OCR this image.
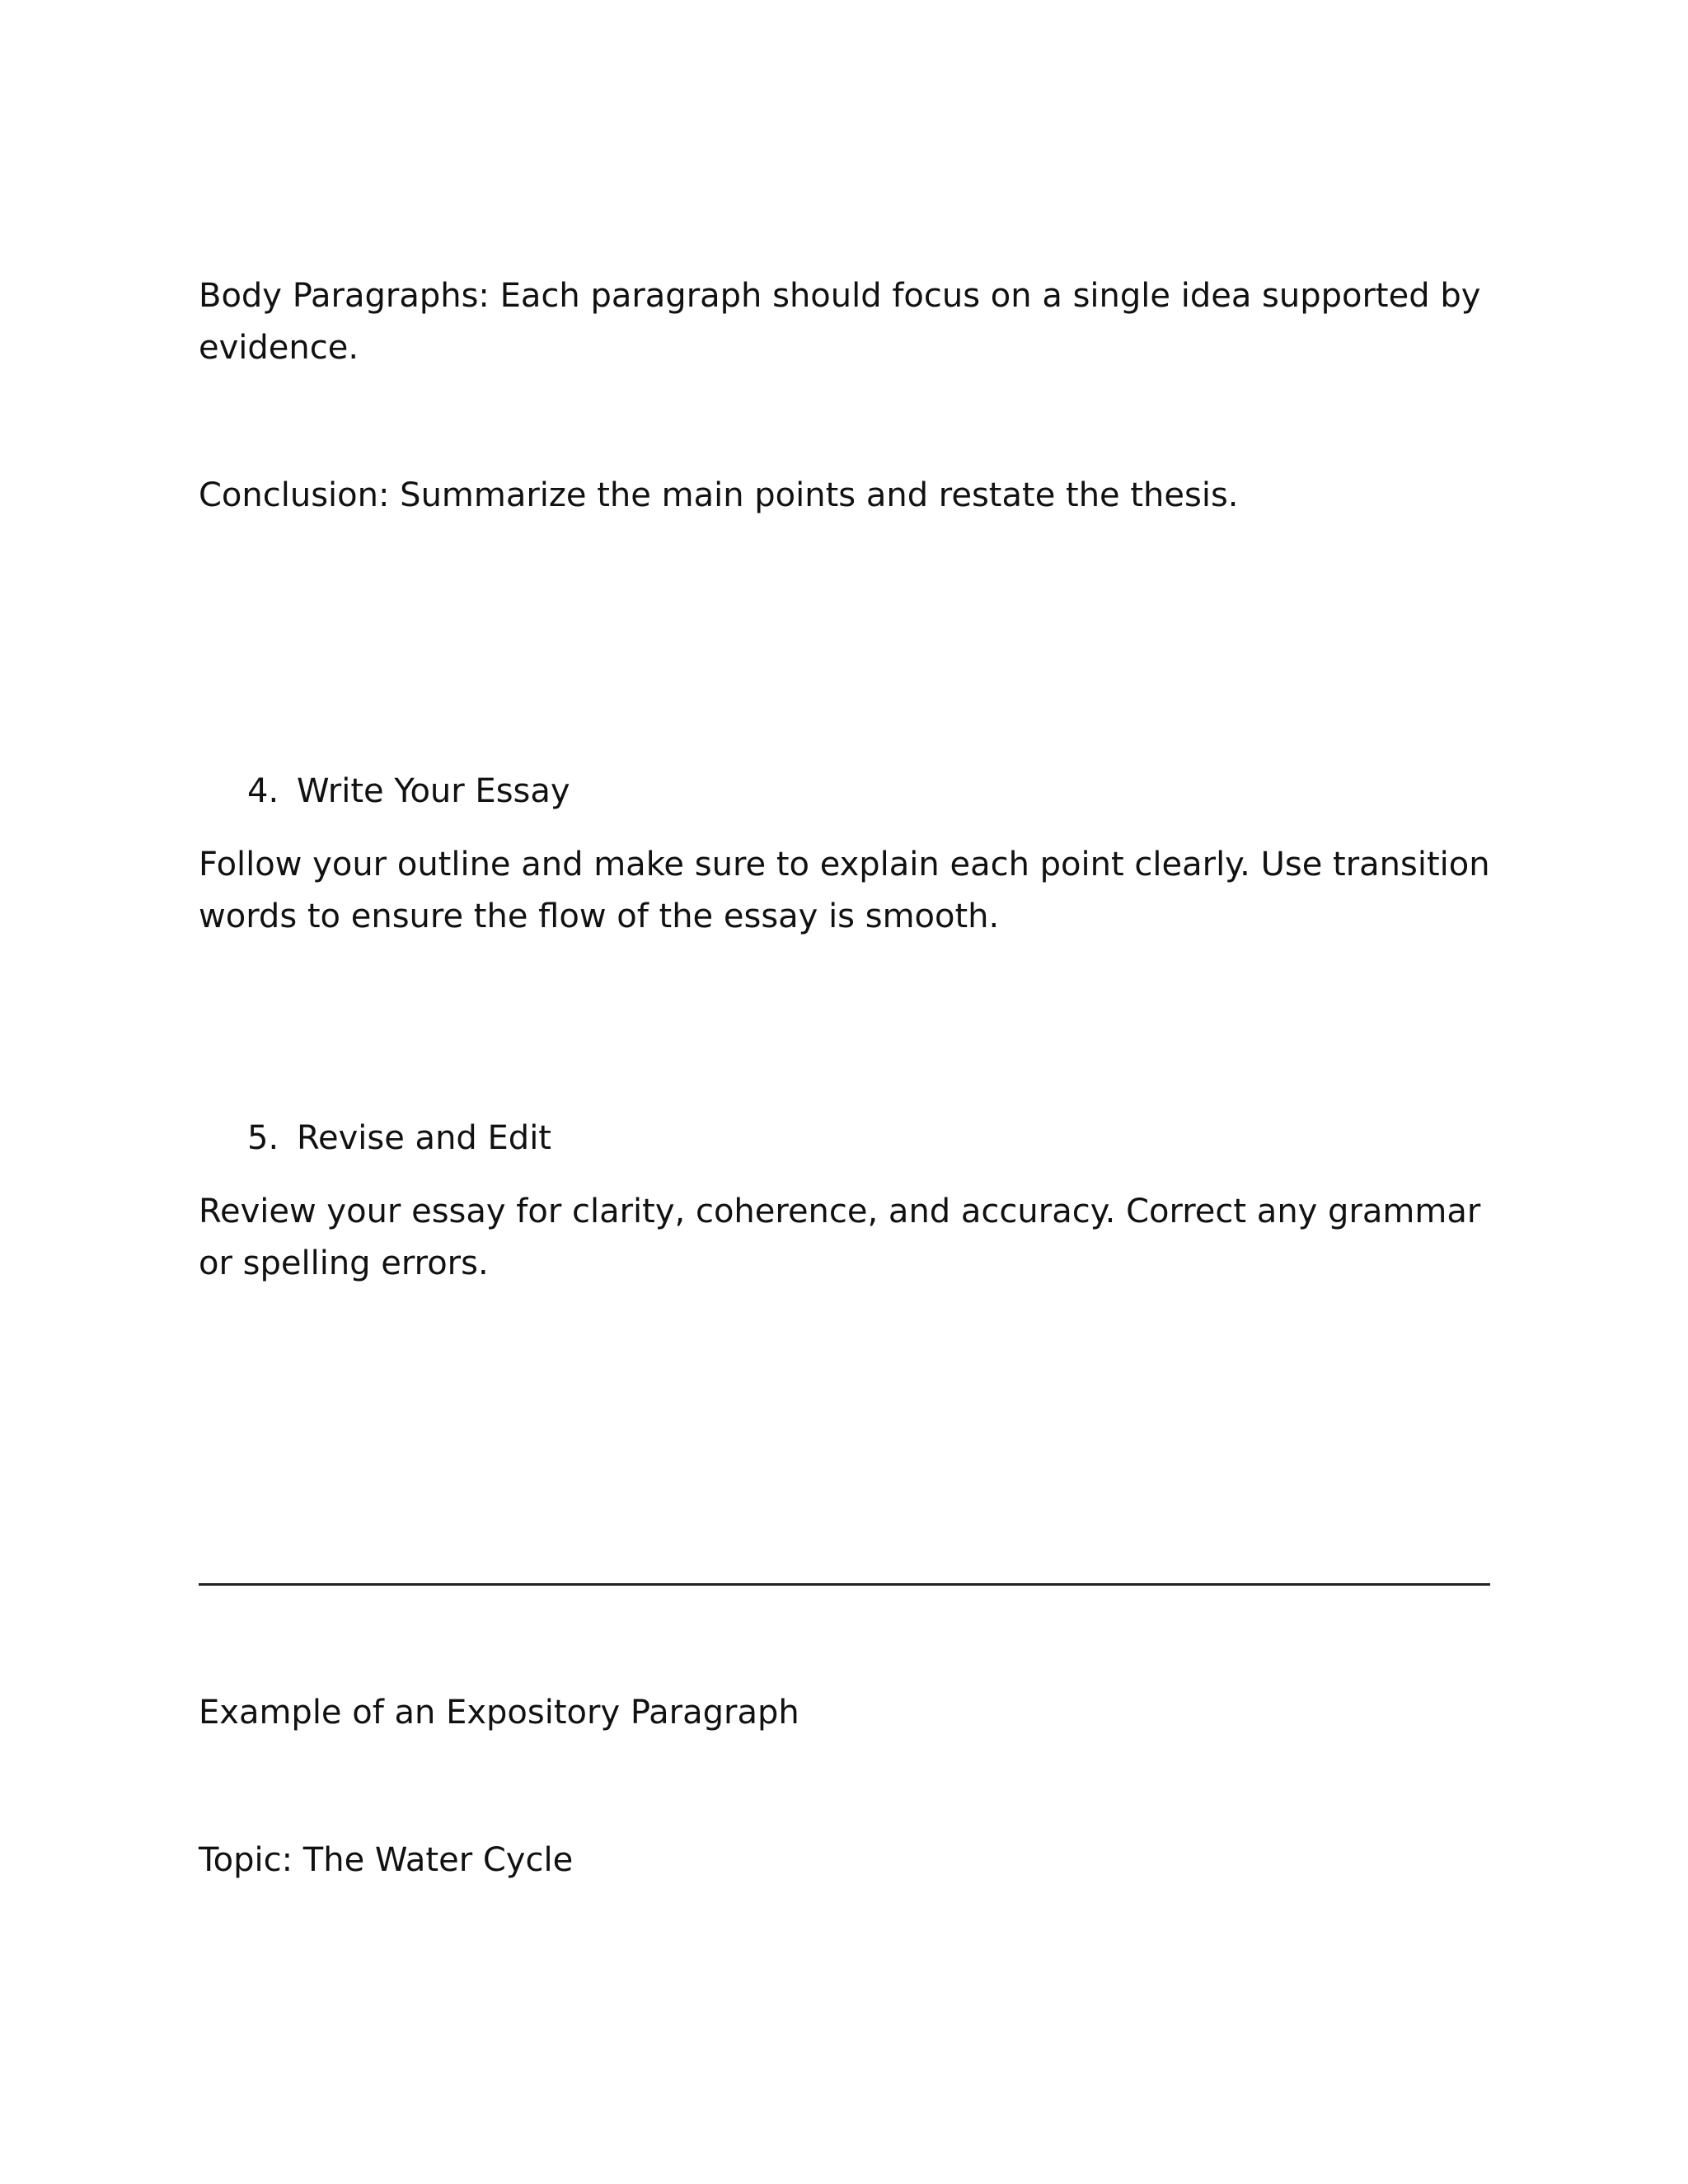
Body Paragraphs: Each paragraph should focus on a single idea supported by evidence.
Conclusion: Summarize the main points and restate the thesis.
4. Write Your Essay
Follow your outline and make sure to explain each point clearly. Use transition words to ensure the flow of the essay is smooth.
5. Revise and Edit
Review your essay for clarity, coherence, and accuracy. Correct any grammar or spelling errors.
Example of an Expository Paragraph
Topic: The Water Cycle
